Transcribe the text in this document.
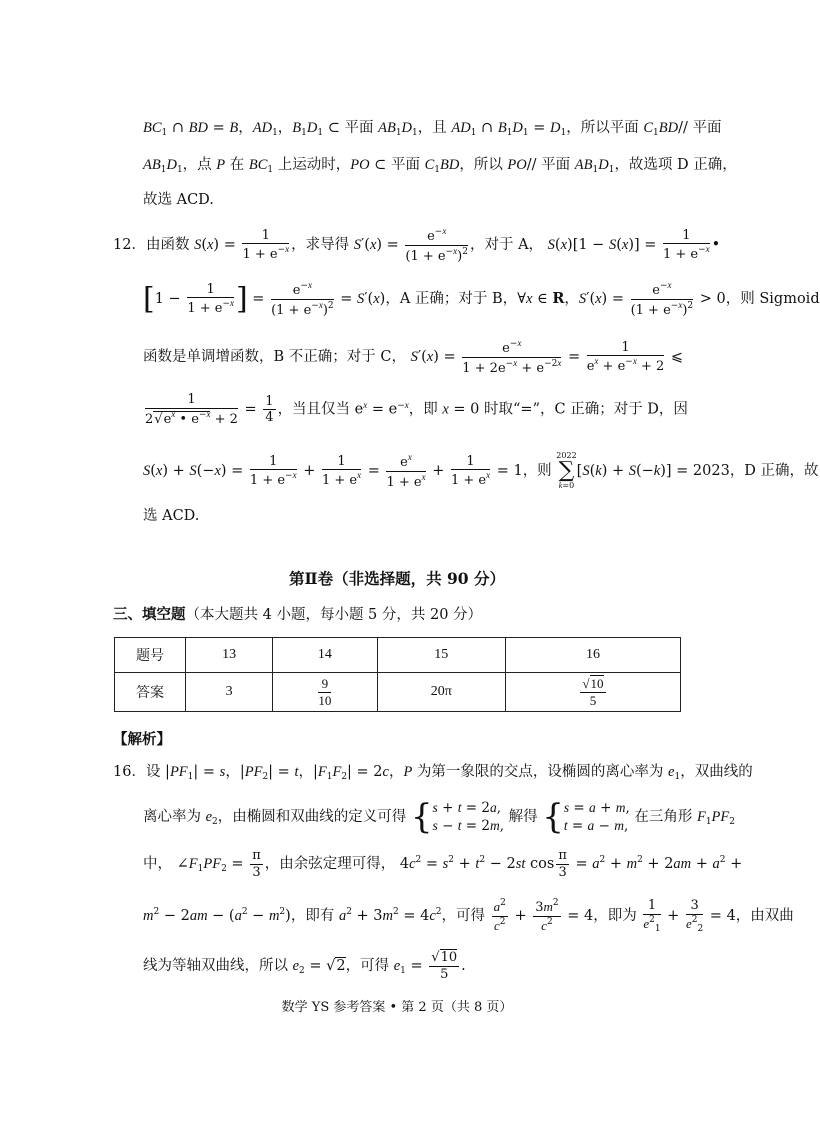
$BC_1$ ∩ BD = B，$AD_1$，$B_1D_1$ ⊂ 平面 $AB_1D_1$，且 $AD_1$ ∩ $B_1D_1 = D_1$，所以平面 $C_1BD//$ 平面
$AB_1D_1$，点 P 在 $BC_1$ 上运动时，PO ⊂ 平面 $C_1BD$，所以 PO// 平面 $AB_1D_1$，故选项 D 正确，
故选 ACD.
12．由函数 $S(x) = \frac{1}{1 + e^{-x}}$ ，求导得 $S'(x) = \frac{e^{-x}}{(1 + e^{-x})^2}$ ，对于 A， $S(x)[1 - S(x)] = \frac{1}{1 + e^{-x}}$ •
[$1 - \frac{1}{1 + e^{-x}}$ ] = $\frac{e^{-x}}{(1 + e^{-x})^2} = S'(x)$，A 正确；对于 B，∀x ∈ R，$S'(x) = \frac{e^{-x}}{(1 + e^{-x})^2} > 0$，则 Sigmoid
函数是单调增函数，B 不正确；对于 C， $S'(x) = \frac{e^{-x}}{1 + 2e^{-x} + e^{-2x}} = \frac{1}{e^x + e^{-x} + 2}$ ⩽
$\frac{1}{2√e^x • e^{-x} + 2} = \frac{1}{4}$ ，当且仅当 $e^x = e^{-x}$，即 x = 0 时取“=”，C 正确；对于 D，因
$S(x) + S(-x) = \frac{1}{1 + e^{-x}} + \frac{1}{1 + e^x} = \frac{e^x}{1 + e^x} + \frac{1}{1 + e^x} = 1$，则
2022
∑
k=0
[S(k) + S(−k)] = 2023，D 正确，故
选 ACD.
第Ⅱ卷（非选择题，共 90 分）
三、填空题（本大题共 4 小题，每小题 5 分，共 20 分）
题号	13	14	15	16
答案	3	$\frac{9}{10}$	20π	$\frac{√10}{5}$
【解析】
16．设 $|PF_1| = s$，$|PF_2| = t$，$|F_1F_2| = 2c$，P 为第一象限的交点，设椭圆的离心率为 $e_1$，双曲线的
离心率为 $e_2$，由椭圆和双曲线的定义可得 {s + t = 2a,
s − t = 2m, 解得 {s = a + m,
t = a − m, 在三角形 $F_1PF_2$
中， $\angle F_1PF_2 = \frac{\pi}{3}$ ，由余弦定理可得， $4c^2 = s^2 + t^2 - 2st$ $\cos \frac{\pi}{3} = a^2 + m^2 + 2am + a^2$ +
$m^2 - 2am - (a^2 - m^2)$，即有 $a^2 + 3m^2 = 4c^2$，可得 $\frac{a^2}{c^2} + \frac{3m^2}{c^2} = 4$，即为 $\frac{1}{e^2_1} + \frac{3}{e^2_2} = 4$，由双曲
线为等轴双曲线，所以 $e_2 = √2$，可得 $e_1 = \frac{√10}{5}$ .
数学 YS 参考答案 • 第 2 页（共 8 页）
